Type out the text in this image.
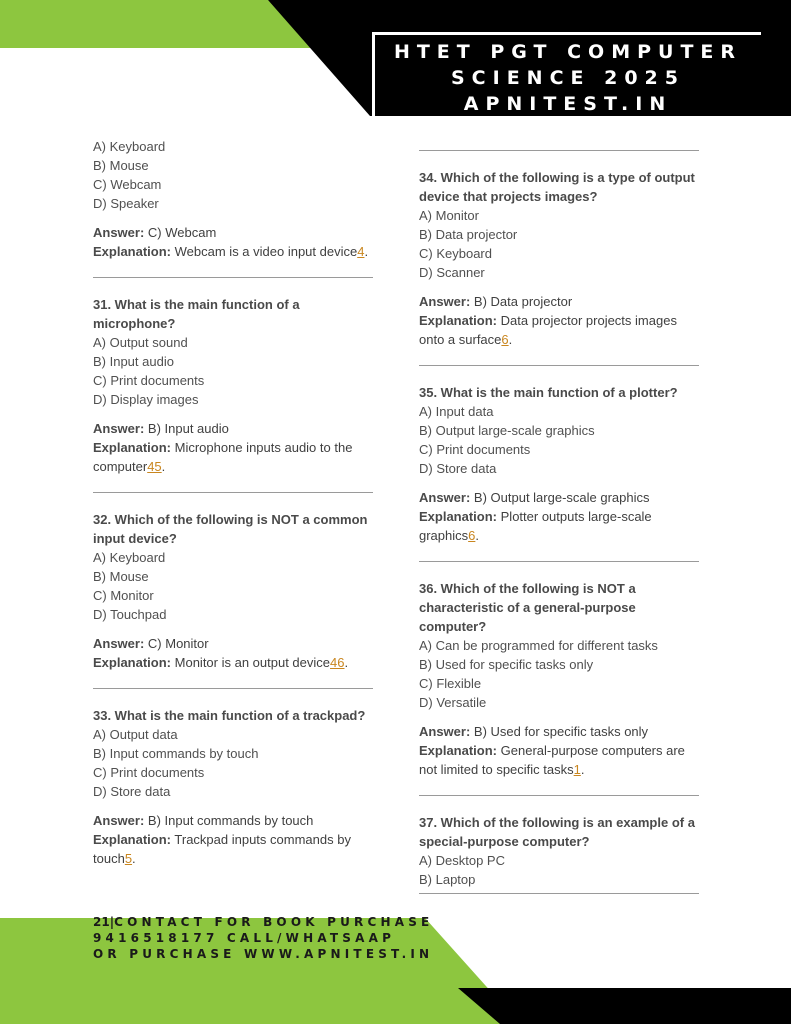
HTET PGT COMPUTER
SCIENCE 2025
APNITEST.IN

A) Keyboard

B) Mouse

C) Webcam

D) Speaker

Answer: C) Webcam

Explanation: Webcam is a video input device4.

31. What is the main function of a microphone?

A) Output sound

B) Input audio

C) Print documents

D) Display images

Answer: B) Input audio

Explanation: Microphone inputs audio to the computer45.

32. Which of the following is NOT a common input device?

A) Keyboard

B) Mouse

C) Monitor

D) Touchpad

Answer: C) Monitor

Explanation: Monitor is an output device46.

33. What is the main function of a trackpad?

A) Output data

B) Input commands by touch

C) Print documents

D) Store data

Answer: B) Input commands by touch

Explanation: Trackpad inputs commands by touch5.

34. Which of the following is a type of output device that projects images?

A) Monitor

B) Data projector

C) Keyboard

D) Scanner

Answer: B) Data projector

Explanation: Data projector projects images onto a surface6.

35. What is the main function of a plotter?

A) Input data

B) Output large-scale graphics

C) Print documents

D) Store data

Answer: B) Output large-scale graphics

Explanation: Plotter outputs large-scale graphics6.

36. Which of the following is NOT a characteristic of a general-purpose computer?

A) Can be programmed for different tasks

B) Used for specific tasks only

C) Flexible

D) Versatile

Answer: B) Used for specific tasks only

Explanation: General-purpose computers are not limited to specific tasks1.

37. Which of the following is an example of a special-purpose computer?

A) Desktop PC

B) Laptop

21|CONTACT FOR BOOK PURCHASE
9416518177 CALL/WHATSAAP
OR PURCHASE WWW.APNITEST.IN
